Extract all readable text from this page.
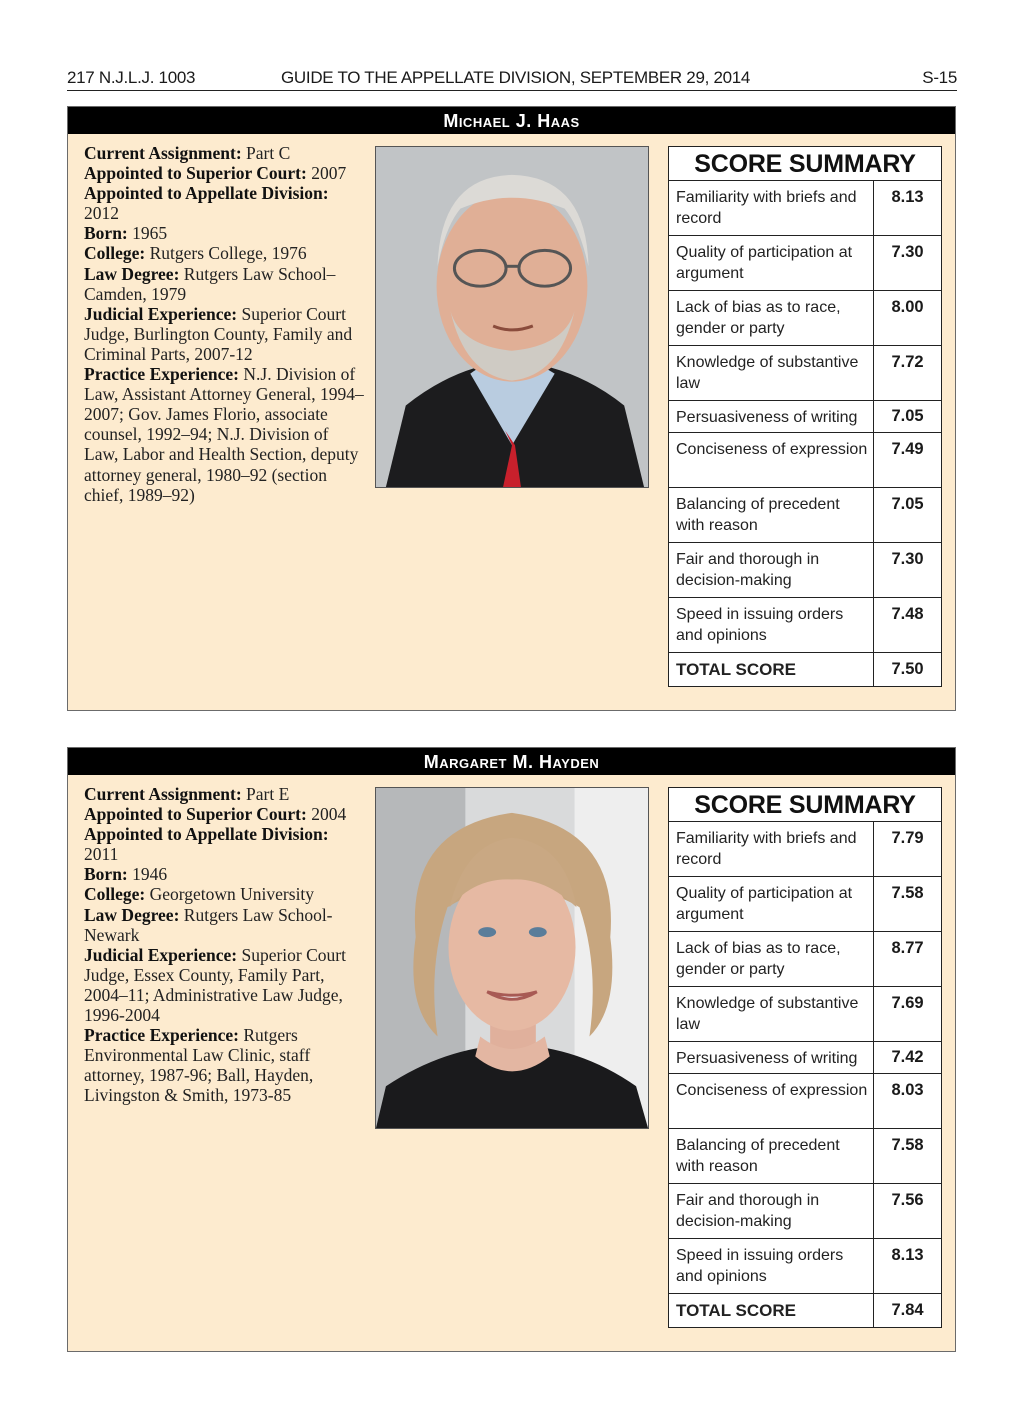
217 N.J.L.J. 1003	GUIDE TO THE APPELLATE DIVISION, SEPTEMBER 29, 2014	S-15
Michael J. Haas

Current Assignment: Part C

Appointed to Superior Court: 2007

Appointed to Appellate Division: 2012

Born: 1965

College: Rutgers College, 1976

Law Degree: Rutgers Law School–Camden, 1979

Judicial Experience: Superior Court Judge, Burlington County, Family and Criminal Parts, 2007-12

Practice Experience: N.J. Division of Law, Assistant Attorney General, 1994–2007; Gov. James Florio, associate counsel, 1992–94; N.J. Division of Law, Labor and Health Section, deputy attorney general, 1980–92 (section chief, 1989–92)

SCORE SUMMARY
Familiarity with briefs and record
8.13
Quality of participation at argument
7.30
Lack of bias as to race, gender or party
8.00
Knowledge of substantive law
7.72
Persuasiveness of writing	7.05
Conciseness of expression	7.49
Balancing of precedent with reason
7.05
Fair and thorough in decision-making
7.30
Speed in issuing orders and opinions
7.48
TOTAL SCORE	7.50
Margaret M. Hayden

Current Assignment: Part E

Appointed to Superior Court: 2004

Appointed to Appellate Division: 2011

Born: 1946

College: Georgetown University

Law Degree: Rutgers Law School-Newark

Judicial Experience: Superior Court Judge, Essex County, Family Part, 2004–11; Administrative Law Judge, 1996-2004

Practice Experience: Rutgers Environmental Law Clinic, staff attorney, 1987-96; Ball, Hayden, Livingston & Smith, 1973-85

SCORE SUMMARY
Familiarity with briefs and record
7.79
Quality of participation at argument
7.58
Lack of bias as to race, gender or party
8.77
Knowledge of substantive law
7.69
Persuasiveness of writing	7.42
Conciseness of expression	8.03
Balancing of precedent with reason
7.58
Fair and thorough in decision-making
7.56
Speed in issuing orders and opinions
8.13
TOTAL SCORE	7.84
